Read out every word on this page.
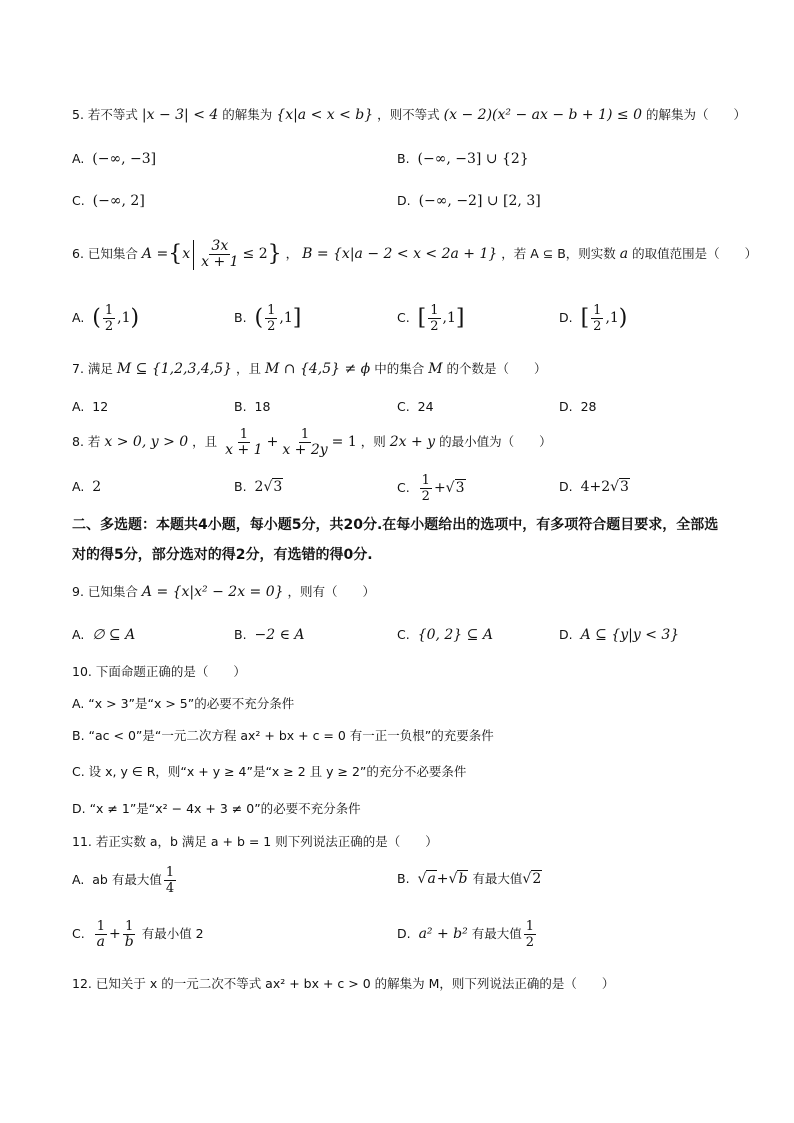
5. 若不等式 |x − 3| < 4 的解集为 {x|a < x < b} ，则不等式 (x − 2)(x² − ax − b + 1) ≤ 0 的解集为（　　）
A. (−∞, −3]	B. (−∞, −3] ∪ {2}
C. (−∞, 2]	D. (−∞, −2] ∪ [2, 3]
6. 已知集合 $A =\{x \frac{3x}{x + 1} \le 2\}$ ， B = {x|a − 2 < x < 2a + 1} ，若 A ⊆ B，则实数 a 的取值范围是（　　）
A. ( $\frac{1}{2} ,1$)	B. ( $\frac{1}{2} ,1$]	C. [ $\frac{1}{2} ,1$]	D. [ $\frac{1}{2} ,1$)
7. 满足 M ⊆ {1,2,3,4,5} ，且 M ∩ {4,5} ≠ ϕ 中的集合 M 的个数是（　　）
A. 12	B. 18	C. 24	D. 28
8. 若 x > 0, y > 0 ，且 $\frac{1}{x + 1} + \frac{1}{x + 2y} = 1$ ，则 2x + y 的最小值为（　　）
A. 2	B. 2√3	C. $\frac{1}{2} +√3$	D. 4+2√3
二、多选题：本题共4小题，每小题5分，共20分.在每小题给出的选项中，有多项符合题目要求，全部选对的得5分，部分选对的得2分，有选错的得0分.
9. 已知集合 A = {x|x² − 2x = 0} ，则有（　　）
A. ∅ ⊆ A	B. −2 ∈ A	C. {0, 2} ⊆ A	D. A ⊆ {y|y < 3}
10. 下面命题正确的是（　　）
A. “x > 3”是“x > 5”的必要不充分条件
B. “ac < 0”是“一元二次方程 ax² + bx + c = 0 有一正一负根”的充要条件
C. 设 x, y ∈ R，则“x + y ≥ 4”是“x ≥ 2 且 y ≥ 2”的充分不必要条件
D. “x ≠ 1”是“x² − 4x + 3 ≠ 0”的必要不充分条件
11. 若正实数 a，b 满足 a + b = 1 则下列说法正确的是（　　）
A. ab 有最大值 $\frac{1}{4}$	B. √a+√b 有最大值√2
C. $\frac{1}{a} + \frac{1}{b}$ 有最小值 2	D. a² + b² 有最大值 $\frac{1}{2}$
12. 已知关于 x 的一元二次不等式 ax² + bx + c > 0 的解集为 M，则下列说法正确的是（　　）
